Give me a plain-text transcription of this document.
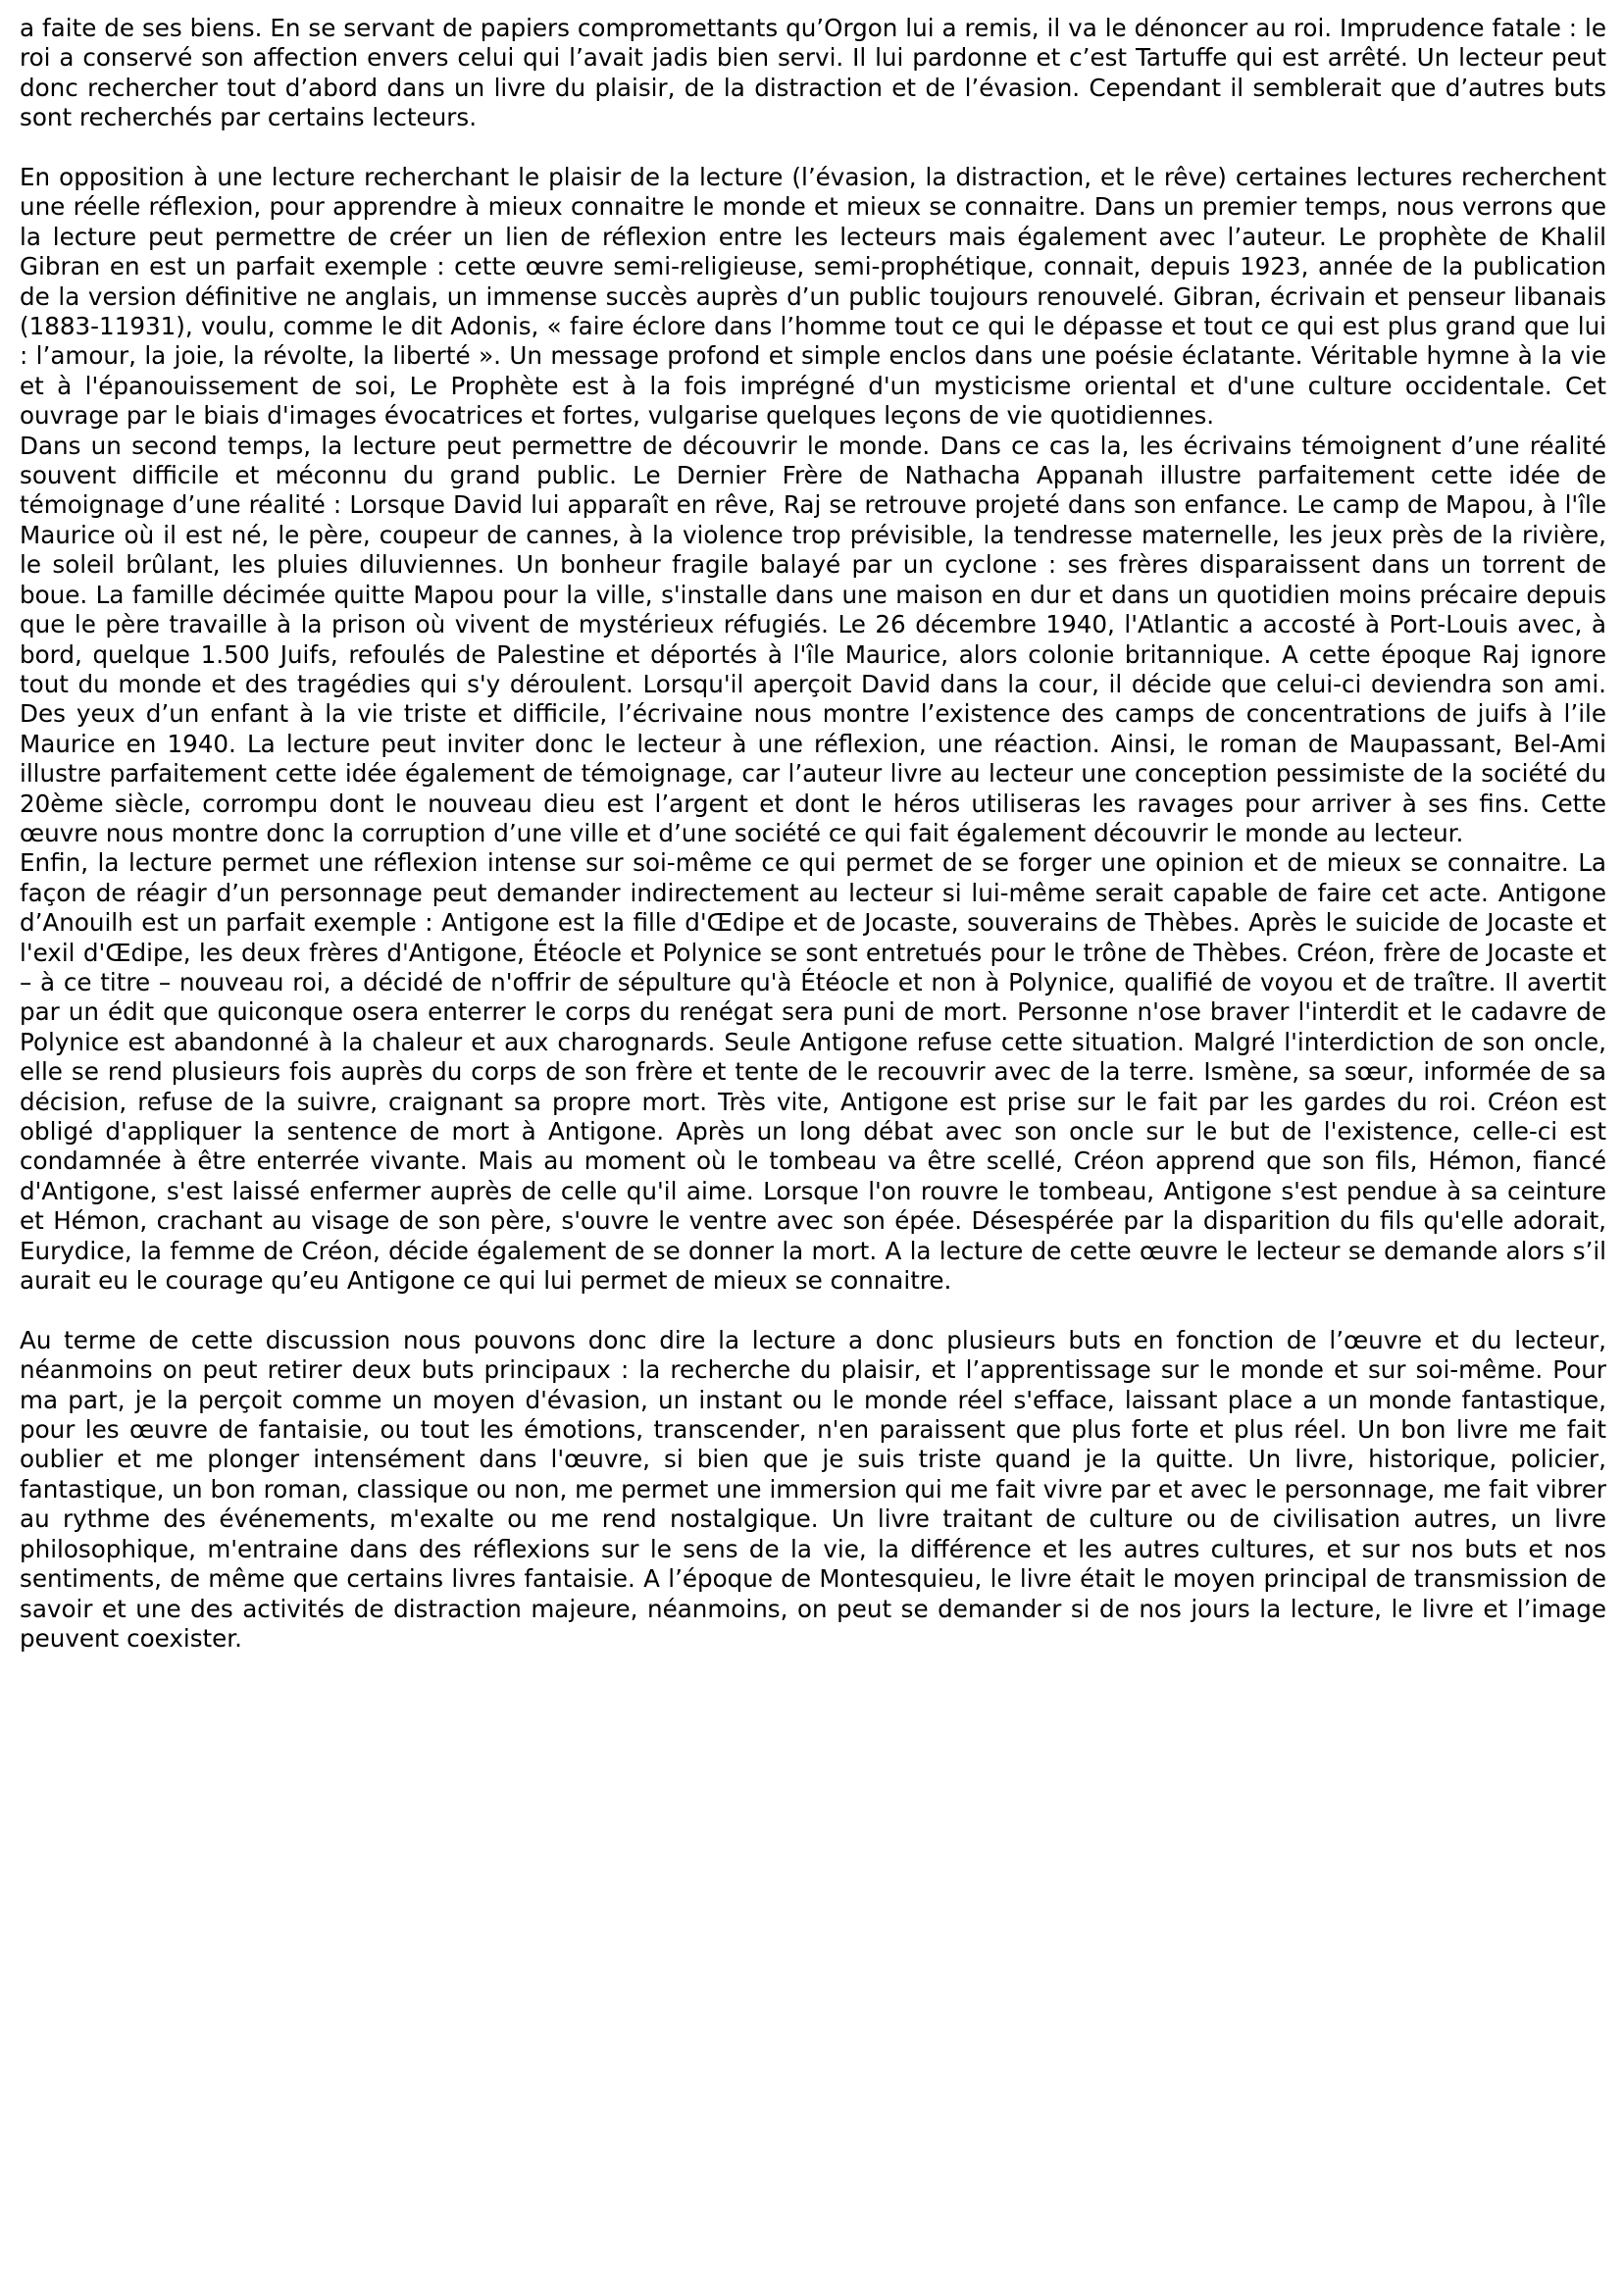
a faite de ses biens. En se servant de papiers compromettants qu’Orgon lui a remis, il va le dénoncer au roi. Imprudence fatale : le roi a conservé son affection envers celui qui l’avait jadis bien servi. Il lui pardonne et c’est Tartuffe qui est arrêté. Un lecteur peut donc rechercher tout d’abord dans un livre du plaisir, de la distraction et de l’évasion. Cependant il semblerait que d’autres buts sont recherchés par certains lecteurs.

En opposition à une lecture recherchant le plaisir de la lecture (l’évasion, la distraction, et le rêve) certaines lectures recherchent une réelle réflexion, pour apprendre à mieux connaitre le monde et mieux se connaitre. Dans un premier temps, nous verrons que la lecture peut permettre de créer un lien de réflexion entre les lecteurs mais également avec l’auteur. Le prophète de Khalil Gibran en est un parfait exemple : cette œuvre semi-religieuse, semi-prophétique, connait, depuis 1923, année de la publication de la version définitive ne anglais, un immense succès auprès d’un public toujours renouvelé. Gibran, écrivain et penseur libanais (1883-11931), voulu, comme le dit Adonis, « faire éclore dans l’homme tout ce qui le dépasse et tout ce qui est plus grand que lui : l’amour, la joie, la révolte, la liberté ». Un message profond et simple enclos dans une poésie éclatante. Véritable hymne à la vie et à l'épanouissement de soi, Le Prophète est à la fois imprégné d'un mysticisme oriental et d'une culture occidentale. Cet ouvrage par le biais d'images évocatrices et fortes, vulgarise quelques leçons de vie quotidiennes.

Dans un second temps, la lecture peut permettre de découvrir le monde. Dans ce cas la, les écrivains témoignent d’une réalité souvent difficile et méconnu du grand public. Le Dernier Frère de Nathacha Appanah illustre parfaitement cette idée de témoignage d’une réalité : Lorsque David lui apparaît en rêve, Raj se retrouve projeté dans son enfance. Le camp de Mapou, à l'île Maurice où il est né, le père, coupeur de cannes, à la violence trop prévisible, la tendresse maternelle, les jeux près de la rivière, le soleil brûlant, les pluies diluviennes. Un bonheur fragile balayé par un cyclone : ses frères disparaissent dans un torrent de boue. La famille décimée quitte Mapou pour la ville, s'installe dans une maison en dur et dans un quotidien moins précaire depuis que le père travaille à la prison où vivent de mystérieux réfugiés. Le 26 décembre 1940, l'Atlantic a accosté à Port-Louis avec, à bord, quelque 1.500 Juifs, refoulés de Palestine et déportés à l'île Maurice, alors colonie britannique. A cette époque Raj ignore tout du monde et des tragédies qui s'y déroulent. Lorsqu'il aperçoit David dans la cour, il décide que celui-ci deviendra son ami. Des yeux d’un enfant à la vie triste et difficile, l’écrivaine nous montre l’existence des camps de concentrations de juifs à l’ile Maurice en 1940. La lecture peut inviter donc le lecteur à une réflexion, une réaction. Ainsi, le roman de Maupassant, Bel-Ami illustre parfaitement cette idée également de témoignage, car l’auteur livre au lecteur une conception pessimiste de la société du 20ème siècle, corrompu dont le nouveau dieu est l’argent et dont le héros utiliseras les ravages pour arriver à ses fins. Cette œuvre nous montre donc la corruption d’une ville et d’une société ce qui fait également découvrir le monde au lecteur.

Enfin, la lecture permet une réflexion intense sur soi-même ce qui permet de se forger une opinion et de mieux se connaitre. La façon de réagir d’un personnage peut demander indirectement au lecteur si lui-même serait capable de faire cet acte. Antigone d’Anouilh est un parfait exemple : Antigone est la fille d'Œdipe et de Jocaste, souverains de Thèbes. Après le suicide de Jocaste et l'exil d'Œdipe, les deux frères d'Antigone, Étéocle et Polynice se sont entretués pour le trône de Thèbes. Créon, frère de Jocaste et – à ce titre – nouveau roi, a décidé de n'offrir de sépulture qu'à Étéocle et non à Polynice, qualifié de voyou et de traître. Il avertit par un édit que quiconque osera enterrer le corps du renégat sera puni de mort. Personne n'ose braver l'interdit et le cadavre de Polynice est abandonné à la chaleur et aux charognards. Seule Antigone refuse cette situation. Malgré l'interdiction de son oncle, elle se rend plusieurs fois auprès du corps de son frère et tente de le recouvrir avec de la terre. Ismène, sa sœur, informée de sa décision, refuse de la suivre, craignant sa propre mort. Très vite, Antigone est prise sur le fait par les gardes du roi. Créon est obligé d'appliquer la sentence de mort à Antigone. Après un long débat avec son oncle sur le but de l'existence, celle-ci est condamnée à être enterrée vivante. Mais au moment où le tombeau va être scellé, Créon apprend que son fils, Hémon, fiancé d'Antigone, s'est laissé enfermer auprès de celle qu'il aime. Lorsque l'on rouvre le tombeau, Antigone s'est pendue à sa ceinture et Hémon, crachant au visage de son père, s'ouvre le ventre avec son épée. Désespérée par la disparition du fils qu'elle adorait, Eurydice, la femme de Créon, décide également de se donner la mort. A la lecture de cette œuvre le lecteur se demande alors s’il aurait eu le courage qu’eu Antigone ce qui lui permet de mieux se connaitre.

Au terme de cette discussion nous pouvons donc dire la lecture a donc plusieurs buts en fonction de l’œuvre et du lecteur, néanmoins on peut retirer deux buts principaux : la recherche du plaisir, et l’apprentissage sur le monde et sur soi-même. Pour ma part, je la perçoit comme un moyen d'évasion, un instant ou le monde réel s'efface, laissant place a un monde fantastique, pour les œuvre de fantaisie, ou tout les émotions, transcender, n'en paraissent que plus forte et plus réel. Un bon livre me fait oublier et me plonger intensément dans l'œuvre, si bien que je suis triste quand je la quitte. Un livre, historique, policier, fantastique, un bon roman, classique ou non, me permet une immersion qui me fait vivre par et avec le personnage, me fait vibrer au rythme des événements, m'exalte ou me rend nostalgique. Un livre traitant de culture ou de civilisation autres, un livre philosophique, m'entraine dans des réflexions sur le sens de la vie, la différence et les autres cultures, et sur nos buts et nos sentiments, de même que certains livres fantaisie. A l’époque de Montesquieu, le livre était le moyen principal de transmission de savoir et une des activités de distraction majeure, néanmoins, on peut se demander si de nos jours la lecture, le livre et l’image peuvent coexister.
